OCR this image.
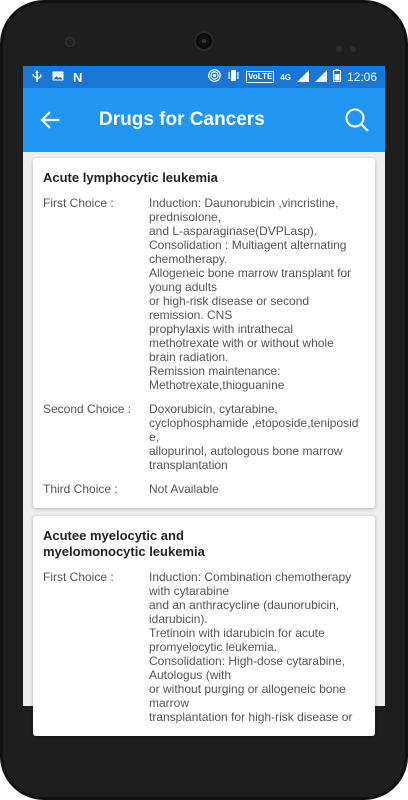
N	VoLTE 4G	12:06
Drugs for Cancers
Acute lymphocytic leukemia
First Choice :	Induction: Daunorubicin ,vincristine,
prednisolone,
and L-asparaginase(DVPLasp).
Consolidation : Multiagent alternating
chemotherapy.
Allogeneic bone marrow transplant for
young adults
or high-risk disease or second
remission. CNS
prophylaxis with intrathecal
methotrexate with or without whole
brain radiation.
Remission maintenance:
Methotrexate,thioguanine
Second Choice :	Doxorubicin, cytarabine,
cyclophosphamide ,etoposide,teniposid
e,
allopurinol, autologous bone marrow
transplantation
Third Choice :	Not Available
Acutee myelocytic and
myelomonocytic leukemia
First Choice :	Induction: Combination chemotherapy
with cytarabine
and an anthracycline (daunorubicin,
idarubicin).
Tretinoin with idarubicin for acute
promyelocytic leukemia.
Consolidation: High-dose cytarabine,
Autologus (with
or without purging or allogeneic bone
marrow
transplantation for high-risk disease or
